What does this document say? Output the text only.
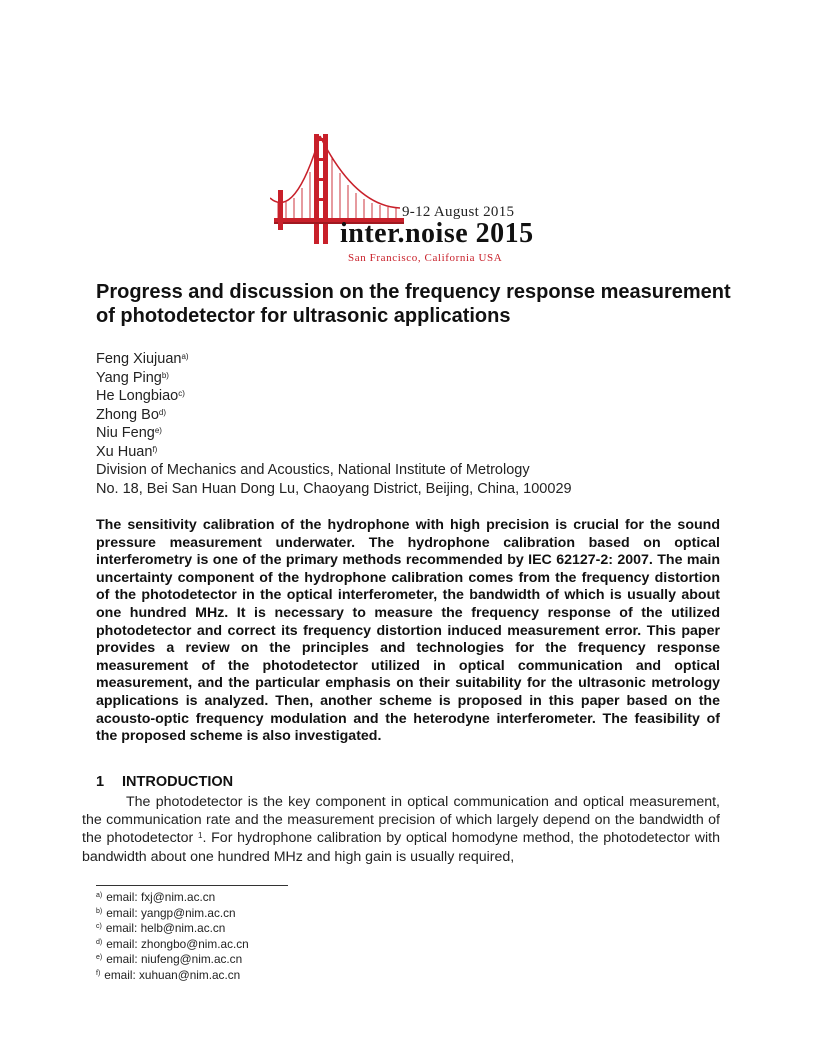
9-12 August 2015
inter.noise 2015
San Francisco, California USA
Progress and discussion on the frequency response measurement of photodetector for ultrasonic applications
Feng Xiujuan$^{a)}$
Yang Ping$^{b)}$
He Longbiao$^{c)}$
Zhong Bo$^{d)}$
Niu Feng$^{e)}$
Xu Huan$^{f)}$
Division of Mechanics and Acoustics, National Institute of Metrology
No. 18, Bei San Huan Dong Lu, Chaoyang District, Beijing, China, 100029
The sensitivity calibration of the hydrophone with high precision is crucial for the sound pressure measurement underwater. The hydrophone calibration based on optical interferometry is one of the primary methods recommended by IEC 62127-2: 2007. The main uncertainty component of the hydrophone calibration comes from the frequency distortion of the photodetector in the optical interferometer, the bandwidth of which is usually about one hundred MHz. It is necessary to measure the frequency response of the utilized photodetector and correct its frequency distortion induced measurement error. This paper provides a review on the principles and technologies for the frequency response measurement of the photodetector utilized in optical communication and optical measurement, and the particular emphasis on their suitability for the ultrasonic metrology applications is analyzed. Then, another scheme is proposed in this paper based on the acousto-optic frequency modulation and the heterodyne interferometer. The feasibility of the proposed scheme is also investigated.
1 INTRODUCTION
The photodetector is the key component in optical communication and optical measurement, the communication rate and the measurement precision of which largely depend on the bandwidth of the photodetector $^1$. For hydrophone calibration by optical homodyne method, the photodetector with bandwidth about one hundred MHz and high gain is usually required,
$^{a)}$ email: fxj@nim.ac.cn
$^{b)}$ email: yangp@nim.ac.cn
$^{c)}$ email: helb@nim.ac.cn
$^{d)}$ email: zhongbo@nim.ac.cn
$^{e)}$ email: niufeng@nim.ac.cn
$^{f)}$ email: xuhuan@nim.ac.cn
